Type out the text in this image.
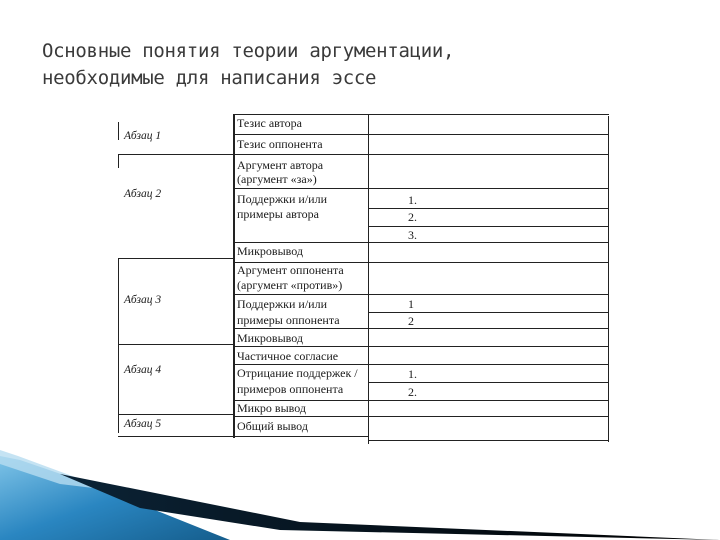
Основные понятия теории аргументации,
необходимые для написания эссе
Абзац 1
Абзац 2
Абзац 3
Абзац 4
Абзац 5
Тезис автора
Тезис оппонента
Аргумент автора
(аргумент «за»)
Поддержки и/или
примеры автора
Микровывод
Аргумент оппонента
(аргумент «против»)
Поддержки и/или
примеры оппонента
Микровывод
Частичное согласие
Отрицание поддержек /
примеров оппонента
Микро вывод
Общий вывод
1.
2.
3.
1
2
1.
2.
